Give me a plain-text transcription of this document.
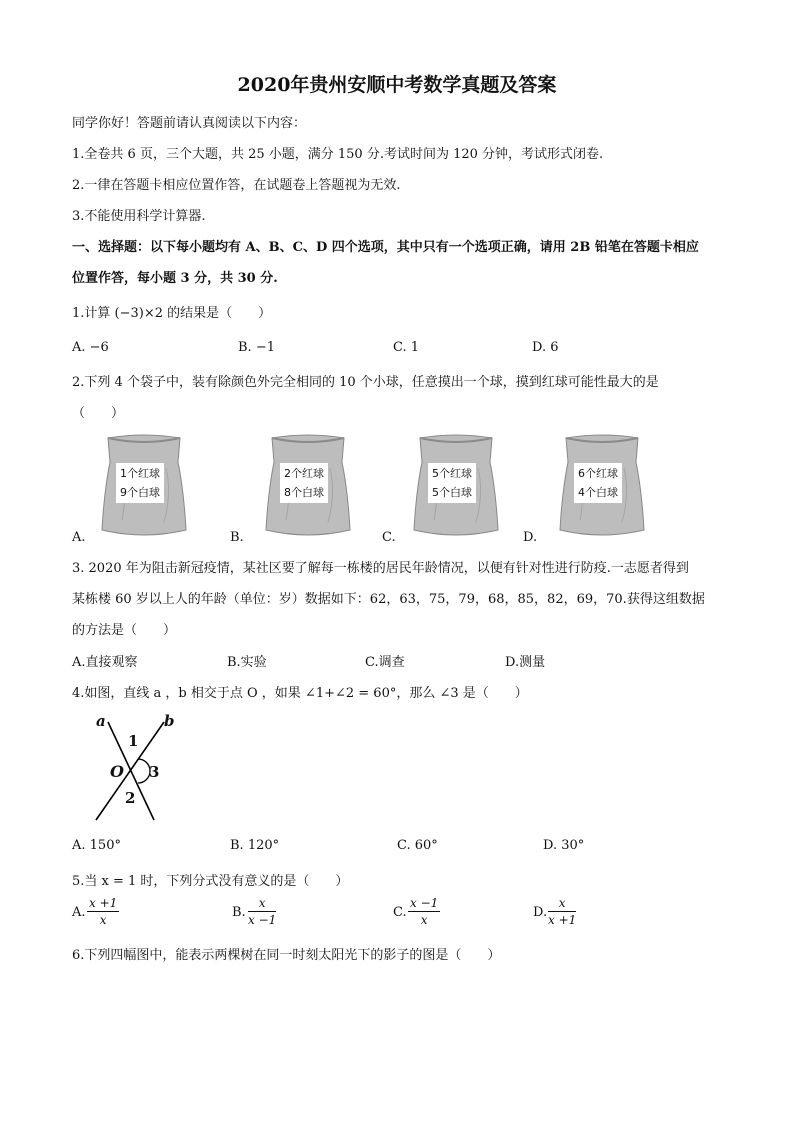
2020年贵州安顺中考数学真题及答案
同学你好！答题前请认真阅读以下内容：
1.全卷共 6 页，三个大题，共 25 小题，满分 150 分.考试时间为 120 分钟，考试形式闭卷.
2.一律在答题卡相应位置作答，在试题卷上答题视为无效.
3.不能使用科学计算器.
一、选择题：以下每小题均有 A、B、C、D 四个选项，其中只有一个选项正确，请用 2B 铅笔在答题卡相应
位置作答，每小题 3 分，共 30 分.
1.计算 (−3)×2 的结果是（　　）
A. −6	B. −1	C. 1	D. 6
2.下列 4 个袋子中，装有除颜色外完全相同的 10 个小球，任意摸出一个球，摸到红球可能性最大的是
（　　）
A.
1个红球
9个白球
B.
2个红球
8个白球
C.
5个红球
5个白球
D.
6个红球
4个白球
3. 2020 年为阻击新冠疫情，某社区要了解每一栋楼的居民年龄情况，以便有针对性进行防疫.一志愿者得到
某栋楼 60 岁以上人的年龄（单位：岁）数据如下：62，63，75，79，68，85，82，69，70.获得这组数据
的方法是（　　）
A.直接观察	B.实验	C.调查	D.测量
4.如图，直线 a ，b 相交于点 O ，如果 ∠1+∠2 = 60°，那么 ∠3 是（　　）
a	b
O
1
2
3
A. 150°	B. 120°	C. 60°	D. 30°
5.当 x = 1 时，下列分式没有意义的是（　　）
A. $\frac{x +1}{x}$	B. $\frac{x}{x -1}$	C. $\frac{x -1}{x}$	D. $\frac{x}{x +1}$
6.下列四幅图中，能表示两棵树在同一时刻太阳光下的影子的图是（　　）
